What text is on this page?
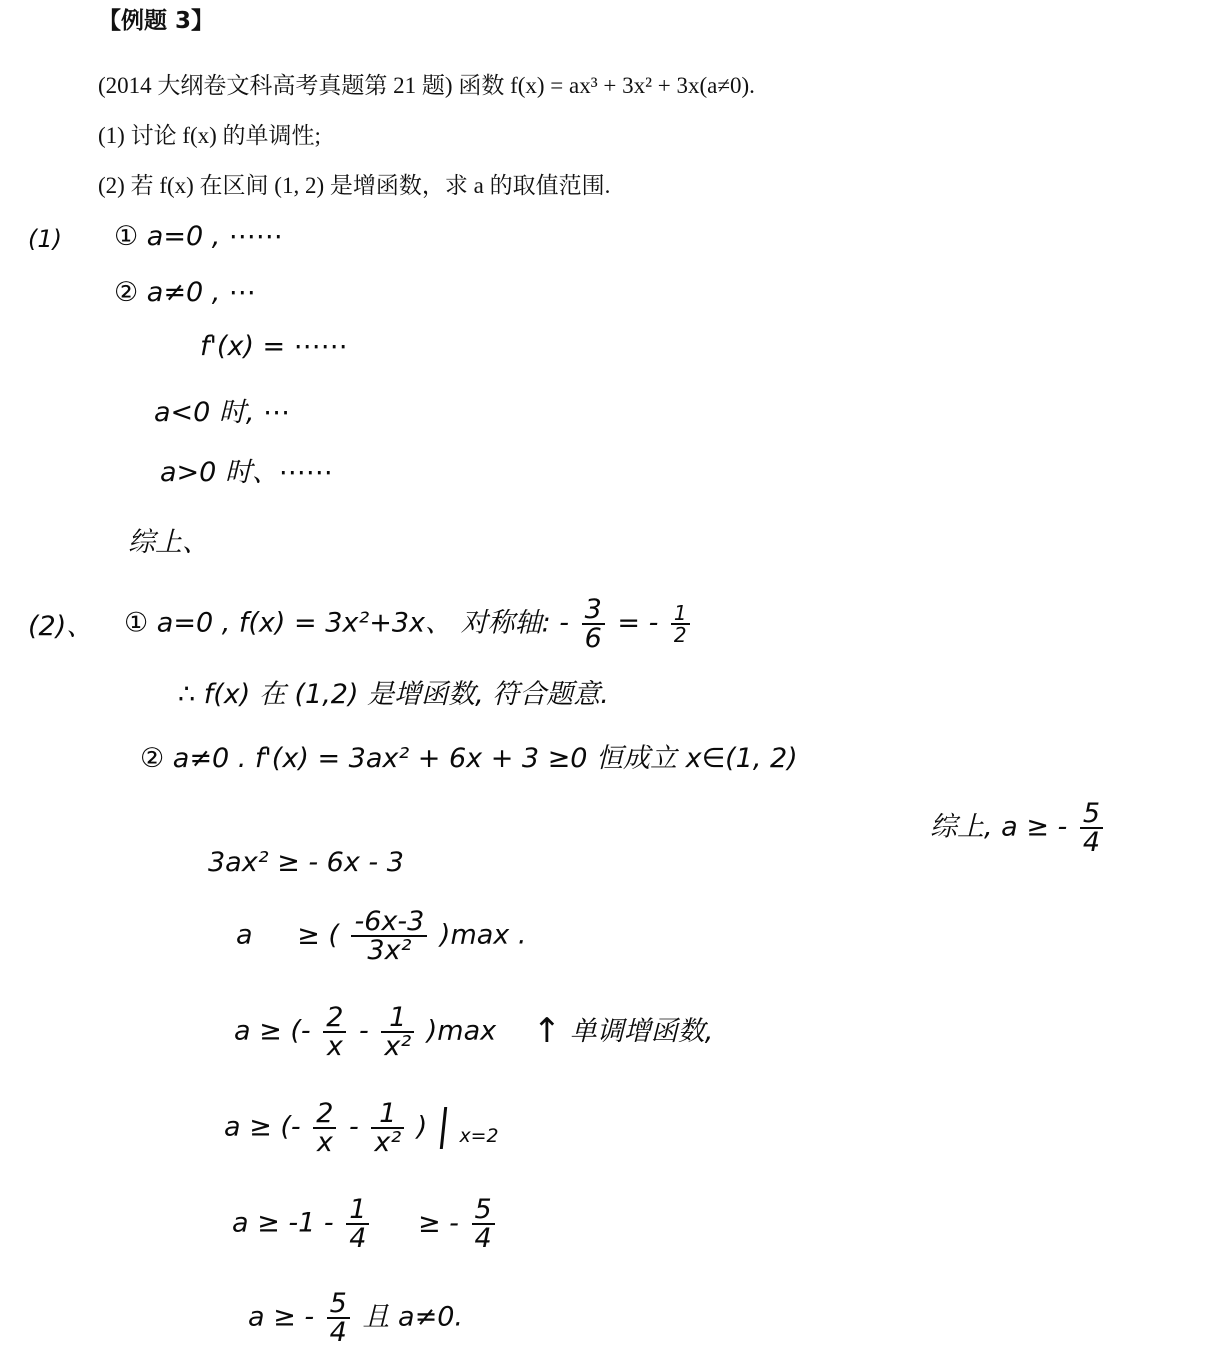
【例题 3】
(2014 大纲卷文科高考真题第 21 题) 函数 f(x) = ax³ + 3x² + 3x(a≠0).
(1) 讨论 f(x) 的单调性;
(2) 若 f(x) 在区间 (1, 2) 是增函数，求 a 的取值范围.
(1) ① a=0 , ⋯⋯
② a≠0 , ⋯
f'(x) = ⋯⋯
a<0 时, ⋯
a>0 时、⋯⋯
综上、
(2)、 ① a=0 , f(x) = 3x²+3x、 对称轴: - $\frac{3}{6}$ = - $\frac{1}{2}$
∴ f(x) 在 (1,2) 是增函数, 符合题意.
② a≠0 . f'(x) = 3ax² + 6x + 3 ≥0 恒成立 x∈(1, 2)
综上, a ≥ - $\frac{5}{4}$
3ax² ≥ - 6x - 3
a ≥ ( $\frac{-6x-3}{\text{3x²}} )\max$ .
a ≥ (- $\frac{2}{x} - \frac{1}{\text{x²}} )\max$ ↑ 单调增函数,
a ≥ (- $\frac{2}{x} - \frac{1}{\text{x²}}$ ) $_{x=2}$
$a \ge -1 - \frac{1}{4}$ ≥ - $\frac{5}{4}$
a ≥ - $\frac{5}{4}$ 且 a≠0.
